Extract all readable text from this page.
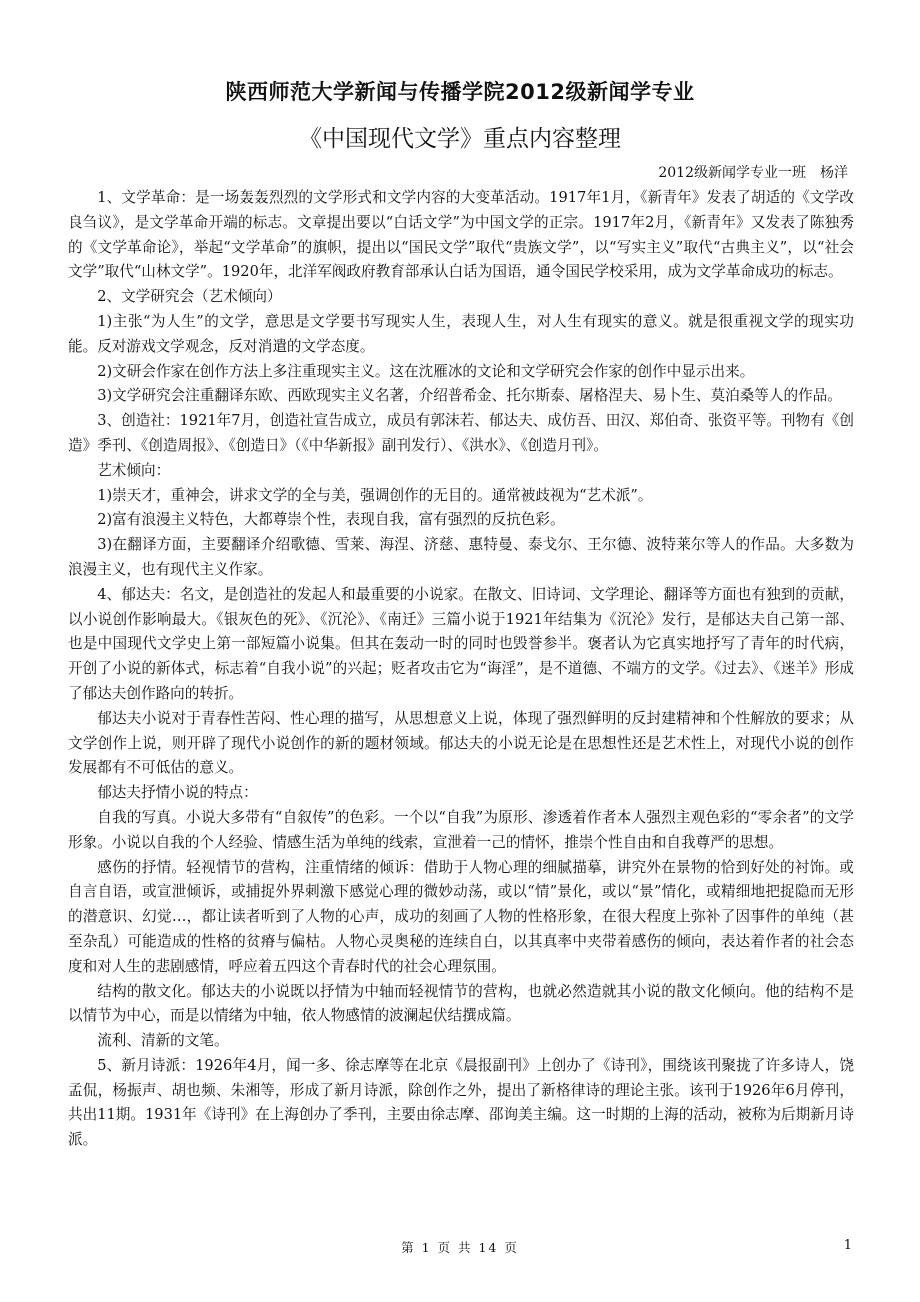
陕西师范大学新闻与传播学院2012级新闻学专业
《中国现代文学》重点内容整理
2012级新闻学专业一班　杨洋

1、文学革命：是一场轰轰烈烈的文学形式和文学内容的大变革活动。1917年1月，《新青年》发表了胡适的《文学改良刍议》，是文学革命开端的标志。文章提出要以“白话文学”为中国文学的正宗。1917年2月，《新青年》又发表了陈独秀的《文学革命论》，举起“文学革命”的旗帜，提出以“国民文学”取代“贵族文学”，以“写实主义”取代“古典主义”，以“社会文学”取代“山林文学”。1920年，北洋军阀政府教育部承认白话为国语，通令国民学校采用，成为文学革命成功的标志。

2、文学研究会（艺术倾向）

1)主张“为人生”的文学，意思是文学要书写现实人生，表现人生，对人生有现实的意义。就是很重视文学的现实功能。反对游戏文学观念，反对消遣的文学态度。

2)文研会作家在创作方法上多注重现实主义。这在沈雁冰的文论和文学研究会作家的创作中显示出来。

3)文学研究会注重翻译东欧、西欧现实主义名著，介绍普希金、托尔斯泰、屠格涅夫、易卜生、莫泊桑等人的作品。

3、创造社：1921年7月，创造社宣告成立，成员有郭沫若、郁达夫、成仿吾、田汉、郑伯奇、张资平等。刊物有《创造》季刊、《创造周报》、《创造日》（《中华新报》副刊发行）、《洪水》、《创造月刊》。

艺术倾向：

1)崇天才，重神会，讲求文学的全与美，强调创作的无目的。通常被歧视为“艺术派”。

2)富有浪漫主义特色，大都尊崇个性，表现自我，富有强烈的反抗色彩。

3)在翻译方面，主要翻译介绍歌德、雪莱、海涅、济慈、惠特曼、泰戈尔、王尔德、波特莱尔等人的作品。大多数为浪漫主义，也有现代主义作家。

4、郁达夫：名文，是创造社的发起人和最重要的小说家。在散文、旧诗词、文学理论、翻译等方面也有独到的贡献，以小说创作影响最大。《银灰色的死》、《沉沦》、《南迁》三篇小说于1921年结集为《沉沦》发行，是郁达夫自己第一部、也是中国现代文学史上第一部短篇小说集。但其在轰动一时的同时也毁誉参半。褒者认为它真实地抒写了青年的时代病，开创了小说的新体式，标志着“自我小说”的兴起；贬者攻击它为“诲淫”，是不道德、不端方的文学。《过去》、《迷羊》形成了郁达夫创作路向的转折。

郁达夫小说对于青春性苦闷、性心理的描写，从思想意义上说，体现了强烈鲜明的反封建精神和个性解放的要求；从文学创作上说，则开辟了现代小说创作的新的题材领域。郁达夫的小说无论是在思想性还是艺术性上，对现代小说的创作发展都有不可低估的意义。

郁达夫抒情小说的特点：

自我的写真。小说大多带有“自叙传”的色彩。一个以“自我”为原形、渗透着作者本人强烈主观色彩的“零余者”的文学形象。小说以自我的个人经验、情感生活为单纯的线索，宣泄着一己的情怀，推崇个性自由和自我尊严的思想。

感伤的抒情。轻视情节的营构，注重情绪的倾诉：借助于人物心理的细腻描摹，讲究外在景物的恰到好处的衬饰。或自言自语，或宣泄倾诉，或捕捉外界刺激下感觉心理的微妙动荡，或以“情”景化，或以“景”情化，或精细地把捉隐而无形的潜意识、幻觉…，都让读者听到了人物的心声，成功的刻画了人物的性格形象，在很大程度上弥补了因事件的单纯（甚至杂乱）可能造成的性格的贫瘠与偏枯。人物心灵奥秘的连续自白，以其真率中夹带着感伤的倾向，表达着作者的社会态度和对人生的悲剧感情，呼应着五四这个青春时代的社会心理氛围。

结构的散文化。郁达夫的小说既以抒情为中轴而轻视情节的营构，也就必然造就其小说的散文化倾向。他的结构不是以情节为中心，而是以情绪为中轴，依人物感情的波澜起伏结撰成篇。

流利、清新的文笔。

5、新月诗派：1926年4月，闻一多、徐志摩等在北京《晨报副刊》上创办了《诗刊》，围绕该刊聚拢了许多诗人，饶孟侃，杨振声、胡也频、朱湘等，形成了新月诗派，除创作之外，提出了新格律诗的理论主张。该刊于1926年6月停刊，共出11期。1931年《诗刊》在上海创办了季刊，主要由徐志摩、邵询美主编。这一时期的上海的活动，被称为后期新月诗派。

第 1 页 共 14 页	1
